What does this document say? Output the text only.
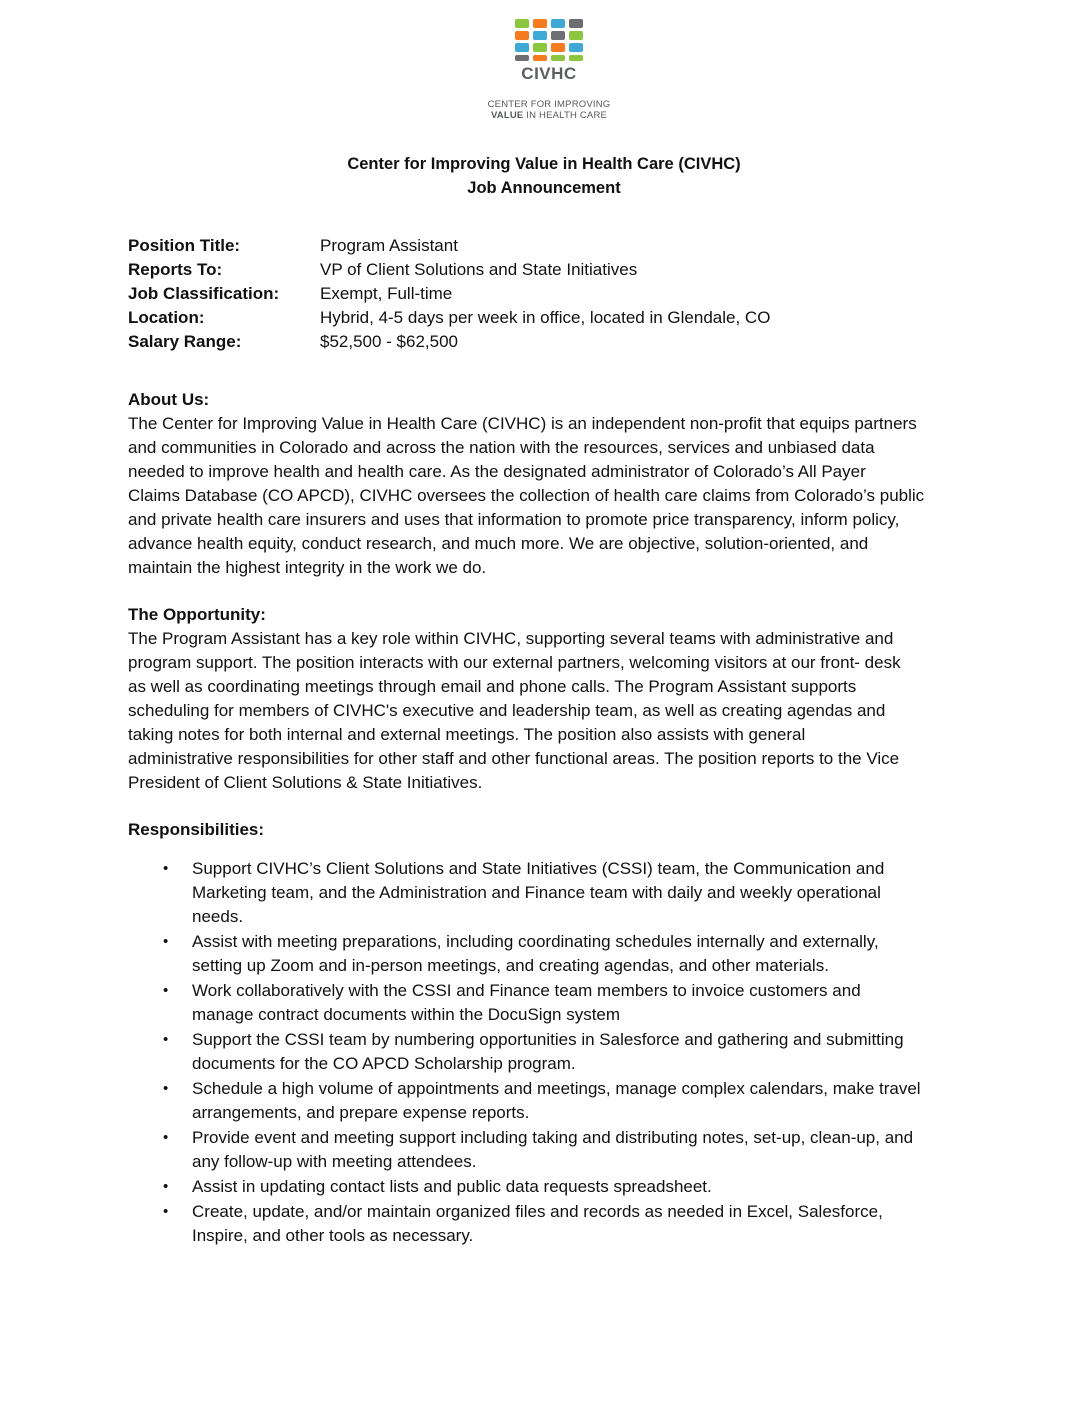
CIVHC
CENTER FOR IMPROVING
VALUE IN HEALTH CARE
Center for Improving Value in Health Care (CIVHC)
Job Announcement
Position Title:	Program Assistant
Reports To:	VP of Client Solutions and State Initiatives
Job Classification:	Exempt, Full-time
Location:	Hybrid, 4-5 days per week in office, located in Glendale, CO
Salary Range:	$52,500 - $62,500
About Us:
The Center for Improving Value in Health Care (CIVHC) is an independent non-profit that equips partners
and communities in Colorado and across the nation with the resources, services and unbiased data
needed to improve health and health care. As the designated administrator of Colorado’s All Payer
Claims Database (CO APCD), CIVHC oversees the collection of health care claims from Colorado’s public
and private health care insurers and uses that information to promote price transparency, inform policy,
advance health equity, conduct research, and much more. We are objective, solution-oriented, and
maintain the highest integrity in the work we do.
The Opportunity:
The Program Assistant has a key role within CIVHC, supporting several teams with administrative and
program support. The position interacts with our external partners, welcoming visitors at our front- desk
as well as coordinating meetings through email and phone calls. The Program Assistant supports
scheduling for members of CIVHC's executive and leadership team, as well as creating agendas and
taking notes for both internal and external meetings. The position also assists with general
administrative responsibilities for other staff and other functional areas. The position reports to the Vice
President of Client Solutions & State Initiatives.
Responsibilities:
• Support CIVHC’s Client Solutions and State Initiatives (CSSI) team, the Communication and
Marketing team, and the Administration and Finance team with daily and weekly operational
needs.
• Assist with meeting preparations, including coordinating schedules internally and externally,
setting up Zoom and in-person meetings, and creating agendas, and other materials.
• Work collaboratively with the CSSI and Finance team members to invoice customers and
manage contract documents within the DocuSign system
• Support the CSSI team by numbering opportunities in Salesforce and gathering and submitting
documents for the CO APCD Scholarship program.
• Schedule a high volume of appointments and meetings, manage complex calendars, make travel
arrangements, and prepare expense reports.
• Provide event and meeting support including taking and distributing notes, set-up, clean-up, and
any follow-up with meeting attendees.
• Assist in updating contact lists and public data requests spreadsheet.
• Create, update, and/or maintain organized files and records as needed in Excel, Salesforce,
Inspire, and other tools as necessary.
